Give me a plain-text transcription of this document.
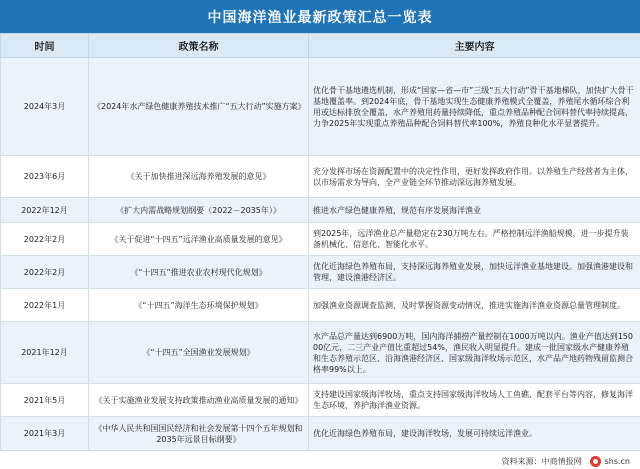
中国海洋渔业最新政策汇总一览表
时间	政策名称	主要内容
2024年3月	《2024年水产绿色健康养殖技术推广“五大行动”实施方案》	优化骨干基地遴选机制，形成“国家—省—市”三级“五大行动”骨干基地梯队，加快扩大骨干基地覆盖率。到2024年底，骨干基地实现生态健康养殖模式全覆盖，养殖尾水循环综合利用或达标排放全覆盖，水产养殖用药量持续降低，重点养殖品种配合饲料替代率持续提高，力争2025年实现重点养殖品种配合饲料替代率100%，养殖良种化水平显著提升。
2023年6月	《关于加快推进深远海养殖发展的意见》	充分发挥市场在资源配置中的决定性作用，更好发挥政府作用。以养殖生产经营者为主体，以市场需求为导向，全产业链全环节推动深远海养殖发展。
2022年12月	《扩大内需战略规划纲要（2022－2035年）》	推进水产绿色健康养殖，规范有序发展海洋渔业
2022年2月	《关于促进“十四五”远洋渔业高质量发展的意见》	到2025年，远洋渔业总产量稳定在230万吨左右。严格控制远洋渔船规模，进一步提升装备机械化、信息化、智能化水平。
2022年2月	《“十四五”推进农业农村现代化规划》	优化近海绿色养殖布局，支持深远海养殖业发展，加快远洋渔业基地建设。加强渔港建设和管理，建设渔港经济区。
2022年1月	《“十四五”海洋生态环境保护规划》	加强渔业资源调查监测，及时掌握资源变动情况，推进实施海洋渔业资源总量管理制度。
2021年12月	《“十四五”全国渔业发展规划》	水产品总产量达到6900万吨，国内海洋捕捞产量控制在1000万吨以内。渔业产值达到15000亿元，二三产业产值比重超过54%，渔民收入明显提升。建成一批国家级水产健康养殖和生态养殖示范区、沿海渔港经济区、国家级海洋牧场示范区，水产品产地药物残留监测合格率99%以上。
2021年5月	《关于实施渔业发展支持政策推动渔业高质量发展的通知》	支持建设国家级海洋牧场，重点支持国家级海洋牧场人工鱼礁、配套平台等内容，修复海洋生态环境，养护海洋渔业资源。
2021年3月	《中华人民共和国国民经济和社会发展第十四个五年规划和2035年远景目标纲要》	优化近海绿色养殖布局，建设海洋牧场，发展可持续远洋渔业。
资料来源：中商情报网	shs.cn
